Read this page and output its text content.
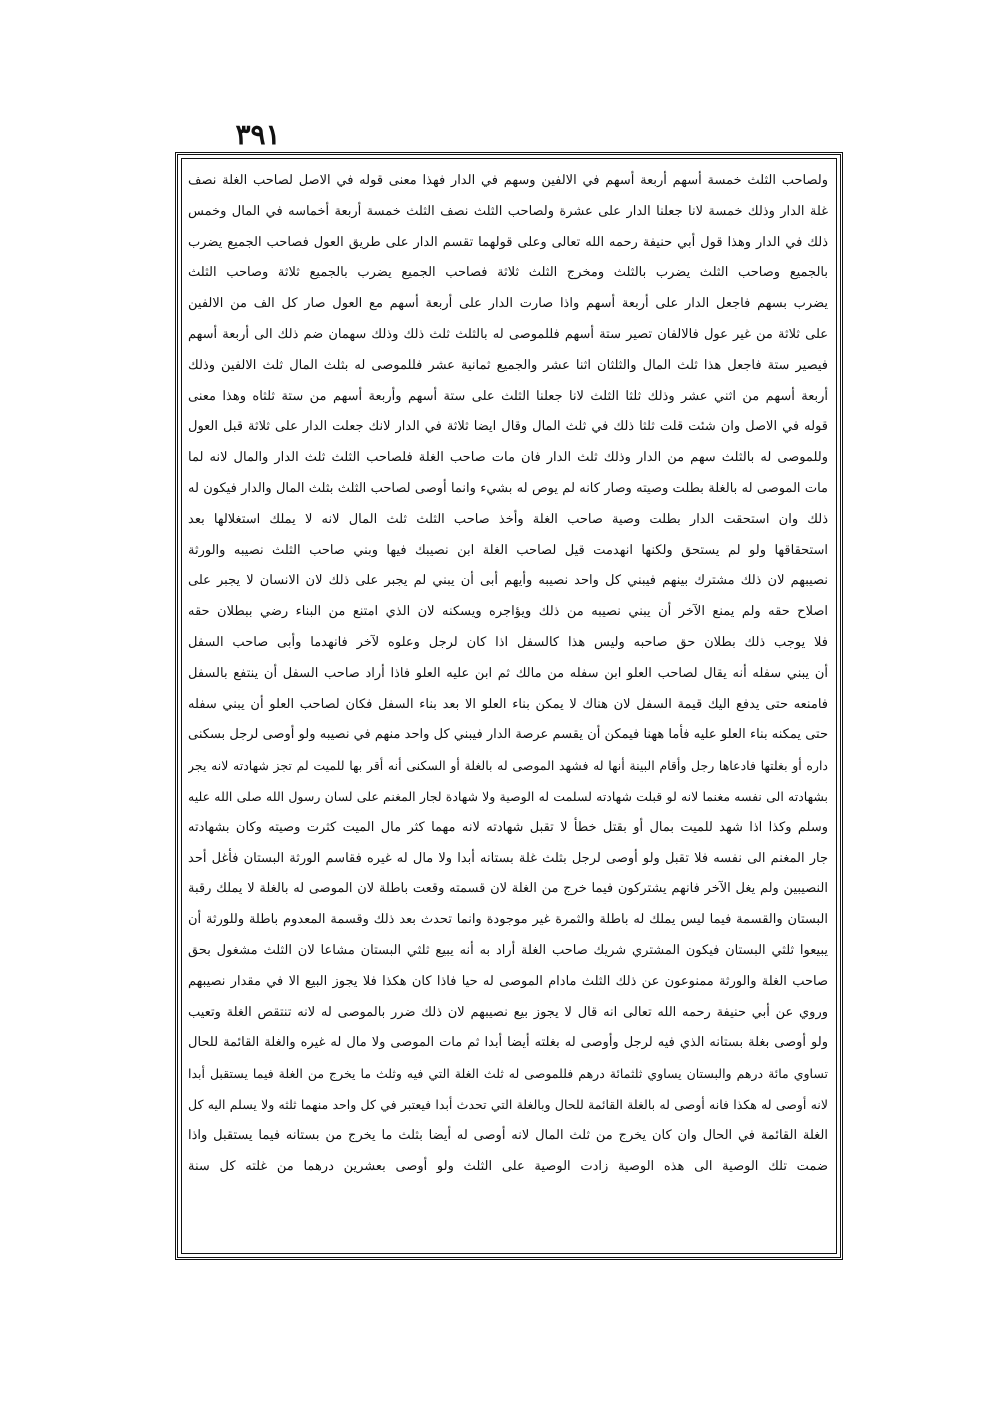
٣٩١
ولصاحب الثلث خمسة أسهم أربعة أسهم في الالفين وسهم في الدار فهذا معنى قوله في الاصل لصاحب الغلة نصف
غلة الدار وذلك خمسة لانا جعلنا الدار على عشرة ولصاحب الثلث نصف الثلث خمسة أربعة أخماسه في المال وخمس
ذلك في الدار وهذا قول أبي حنيفة رحمه الله تعالى وعلى قولهما تقسم الدار على طريق العول فصاحب الجميع يضرب
بالجميع وصاحب الثلث يضرب بالثلث ومخرج الثلث ثلاثة فصاحب الجميع يضرب بالجميع ثلاثة وصاحب الثلث
يضرب بسهم فاجعل الدار على أربعة أسهم واذا صارت الدار على أربعة أسهم مع العول صار كل الف من الالفين
على ثلاثة من غير عول فالالفان تصير ستة أسهم فللموصى له بالثلث ثلث ذلك وذلك سهمان ضم ذلك الى أربعة أسهم
فيصير ستة فاجعل هذا ثلث المال والثلثان اثنا عشر والجميع ثمانية عشر فللموصى له بثلث المال ثلث الالفين وذلك
أربعة أسهم من اثني عشر وذلك ثلثا الثلث لانا جعلنا الثلث على ستة أسهم وأربعة أسهم من ستة ثلثاه وهذا معنى
قوله في الاصل وان شئت قلت ثلثا ذلك في ثلث المال وقال ايضا ثلاثة في الدار لانك جعلت الدار على ثلاثة قبل العول
وللموصى له بالثلث سهم من الدار وذلك ثلث الدار فان مات صاحب الغلة فلصاحب الثلث ثلث الدار والمال لانه لما
مات الموصى له بالغلة بطلت وصيته وصار كانه لم يوص له بشيء وانما أوصى لصاحب الثلث بثلث المال والدار فيكون له
ذلك وان استحقت الدار بطلت وصية صاحب الغلة وأخذ صاحب الثلث ثلث المال لانه لا يملك استغلالها بعد
استحقاقها ولو لم يستحق ولكنها انهدمت قيل لصاحب الغلة ابن نصيبك فيها وبني صاحب الثلث نصيبه والورثة
نصيبهم لان ذلك مشترك بينهم فيبني كل واحد نصيبه وأيهم أبى أن يبني لم يجبر على ذلك لان الانسان لا يجبر على
اصلاح حقه ولم يمنع الآخر أن يبني نصيبه من ذلك ويؤاجره ويسكنه لان الذي امتنع من البناء رضي ببطلان حقه
فلا يوجب ذلك بطلان حق صاحبه وليس هذا كالسفل اذا كان لرجل وعلوه لآخر فانهدما وأبى صاحب السفل
أن يبني سفله أنه يقال لصاحب العلو ابن سفله من مالك ثم ابن عليه العلو فاذا أراد صاحب السفل أن ينتفع بالسفل
فامنعه حتى يدفع اليك قيمة السفل لان هناك لا يمكن بناء العلو الا بعد بناء السفل فكان لصاحب العلو أن يبني سفله
حتى يمكنه بناء العلو عليه فأما ههنا فيمكن أن يقسم عرصة الدار فيبني كل واحد منهم في نصيبه ولو أوصى لرجل بسكنى
داره أو بغلتها فادعاها رجل وأقام البينة أنها له فشهد الموصى له بالغلة أو السكنى أنه أقر بها للميت لم تجز شهادته لانه يجر
بشهادته الى نفسه مغنما لانه لو قبلت شهادته لسلمت له الوصية ولا شهادة لجار المغنم على لسان رسول الله صلى الله عليه
وسلم وكذا اذا شهد للميت بمال أو بقتل خطأ لا تقبل شهادته لانه مهما كثر مال الميت كثرت وصيته وكان بشهادته
جار المغنم الى نفسه فلا تقبل ولو أوصى لرجل بثلث غلة بستانه أبدا ولا مال له غيره فقاسم الورثة البستان فأغل أحد
النصيبين ولم يغل الآخر فانهم يشتركون فيما خرج من الغلة لان قسمته وقعت باطلة لان الموصى له بالغلة لا يملك رقبة
البستان والقسمة فيما ليس يملك له باطلة والثمرة غير موجودة وانما تحدث بعد ذلك وقسمة المعدوم باطلة وللورثة أن
يبيعوا ثلثي البستان فيكون المشتري شريك صاحب الغلة أراد به أنه يبيع ثلثي البستان مشاعا لان الثلث مشغول بحق
صاحب الغلة والورثة ممنوعون عن ذلك الثلث مادام الموصى له حيا فاذا كان هكذا فلا يجوز البيع الا في مقدار نصيبهم
وروي عن أبي حنيفة رحمه الله تعالى انه قال لا يجوز بيع نصيبهم لان ذلك ضرر بالموصى له لانه تنتقص الغلة وتعيب
ولو أوصى بغلة بستانه الذي فيه لرجل وأوصى له بغلته أيضا أبدا ثم مات الموصى ولا مال له غيره والغلة القائمة للحال
تساوي مائة درهم والبستان يساوي ثلثمائة درهم فللموصى له ثلث الغلة التي فيه وثلث ما يخرج من الغلة فيما يستقبل أبدا
لانه أوصى له هكذا فانه أوصى له بالغلة القائمة للحال وبالغلة التي تحدث أبدا فيعتبر في كل واحد منهما ثلثه ولا يسلم اليه كل
الغلة القائمة في الحال وان كان يخرج من ثلث المال لانه أوصى له أيضا بثلث ما يخرج من بستانه فيما يستقبل واذا
ضمت تلك الوصية الى هذه الوصية زادت الوصية على الثلث ولو أوصى بعشرين درهما من غلته كل سنة
